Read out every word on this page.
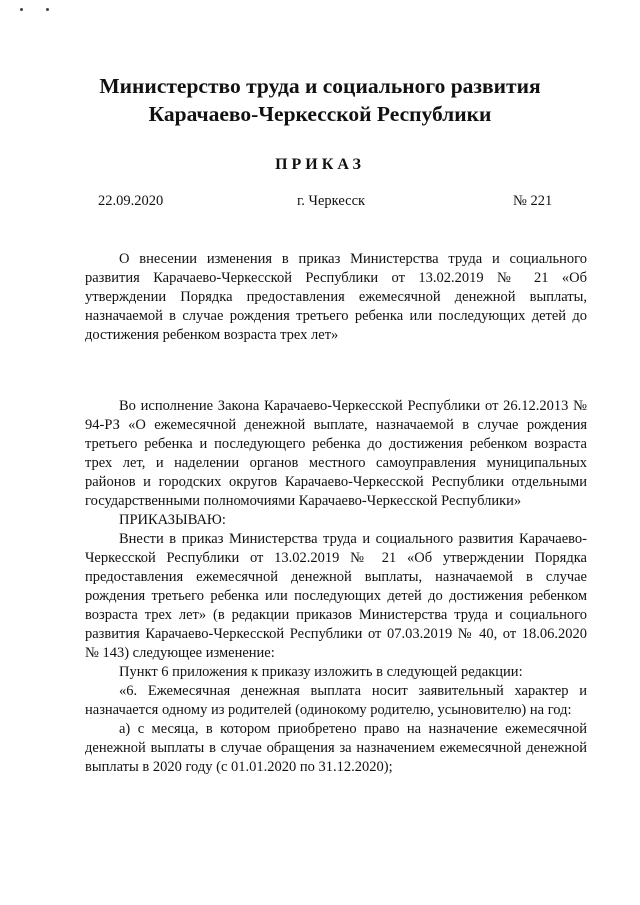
Министерство труда и социального развития
Карачаево-Черкесской Республики
ПРИКАЗ
22.09.2020	г. Черкесск	№ 221

О внесении изменения в приказ Министерства труда и социального развития Карачаево-Черкесской Республики от 13.02.2019 № 21 «Об утверждении Порядка предоставления ежемесячной денежной выплаты, назначаемой в случае рождения третьего ребенка или последующих детей до достижения ребенком возраста трех лет»

Во исполнение Закона Карачаево-Черкесской Республики от 26.12.2013 № 94-РЗ «О ежемесячной денежной выплате, назначаемой в случае рождения третьего ребенка и последующего ребенка до достижения ребенком возраста трех лет, и наделении органов местного самоуправления муниципальных районов и городских округов Карачаево-Черкесской Республики отдельными государственными полномочиями Карачаево-Черкесской Республики»

ПРИКАЗЫВАЮ:

Внести в приказ Министерства труда и социального развития Карачаево-Черкесской Республики от 13.02.2019 № 21 «Об утверждении Порядка предоставления ежемесячной денежной выплаты, назначаемой в случае рождения третьего ребенка или последующих детей до достижения ребенком возраста трех лет» (в редакции приказов Министерства труда и социального развития Карачаево-Черкесской Республики от 07.03.2019 № 40, от 18.06.2020 № 143) следующее изменение:

Пункт 6 приложения к приказу изложить в следующей редакции:

«6. Ежемесячная денежная выплата носит заявительный характер и назначается одному из родителей (одинокому родителю, усыновителю) на год:

а) с месяца, в котором приобретено право на назначение ежемесячной денежной выплаты в случае обращения за назначением ежемесячной денежной выплаты в 2020 году (с 01.01.2020 по 31.12.2020);
